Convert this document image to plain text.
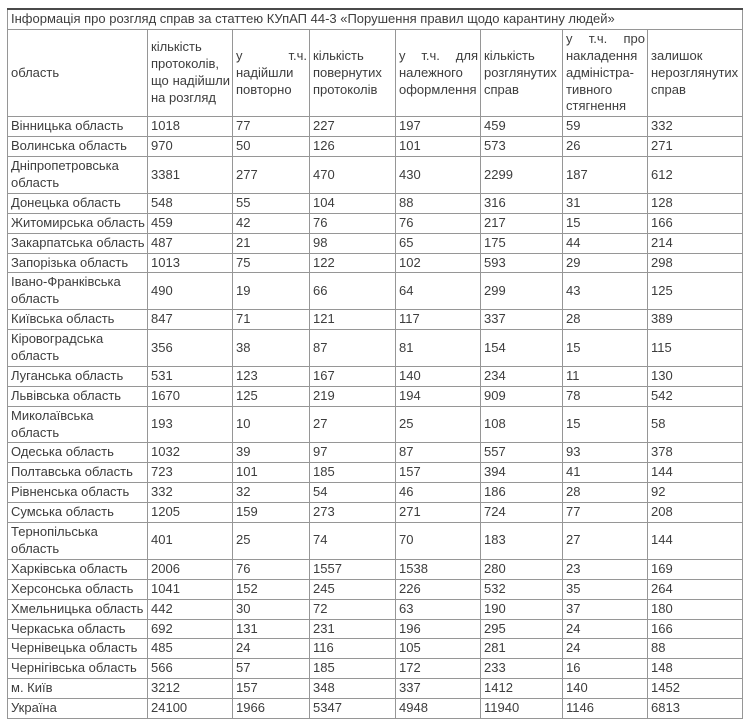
Інформація про розгляд справ за статтею КУпАП 44-3 «Порушення правил щодо карантину людей»							
область	кількість протоколів, що надійшли на розгляд	у т.ч. надійшли повторно	кількість повернутих протоколів	у т.ч. для належного оформлення	кількість розглянутих справ	у т.ч. про накладення адміністра-тивного стягнення	залишок нерозглянутих справ
Вінницька область	1018	77	227	197	459	59	332
Волинська область	970	50	126	101	573	26	271
Дніпропетровська область	3381	277	470	430	2299	187	612
Донецька область	548	55	104	88	316	31	128
Житомирська область	459	42	76	76	217	15	166
Закарпатська область	487	21	98	65	175	44	214
Запорізька область	1013	75	122	102	593	29	298
Івано-Франківська область	490	19	66	64	299	43	125
Київська область	847	71	121	117	337	28	389
Кіровоградська область	356	38	87	81	154	15	115
Луганська область	531	123	167	140	234	11	130
Львівська область	1670	125	219	194	909	78	542
Миколаївська область	193	10	27	25	108	15	58
Одеська область	1032	39	97	87	557	93	378
Полтавська область	723	101	185	157	394	41	144
Рівненська область	332	32	54	46	186	28	92
Сумська область	1205	159	273	271	724	77	208
Тернопільська область	401	25	74	70	183	27	144
Харківська область	2006	76	1557	1538	280	23	169
Херсонська область	1041	152	245	226	532	35	264
Хмельницька область	442	30	72	63	190	37	180
Черкаська область	692	131	231	196	295	24	166
Чернівецька область	485	24	116	105	281	24	88
Чернігівська область	566	57	185	172	233	16	148
м. Київ	3212	157	348	337	1412	140	1452
Україна	24100	1966	5347	4948	11940	1146	6813
